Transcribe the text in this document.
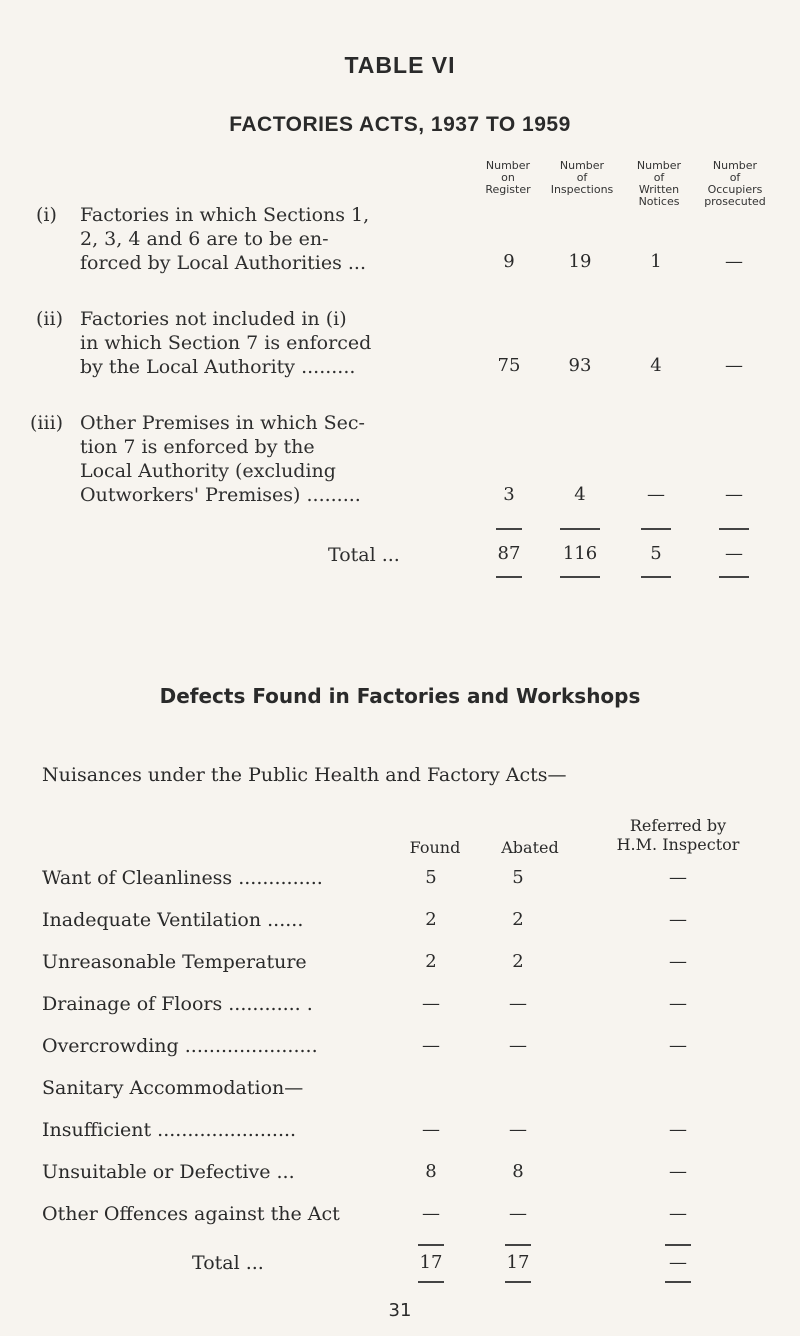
TABLE VI
FACTORIES ACTS, 1937 TO 1959
Number
on
Register
Number
of
Inspections
Number
of
Written
Notices
Number
of
Occupiers
prosecuted
(i) Factories in which Sections 1,
2, 3, 4 and 6 are to be en-
forced by Local Authorities ...	9	19	1	—
(ii) Factories not included in (i)
in which Section 7 is enforced
by the Local Authority .........	75	93	4	—
(iii) Other Premises in which Sec-
tion 7 is enforced by the
Local Authority (excluding
Outworkers' Premises) .........	3	4	—	—
Total ...	87	116	5	—
Defects Found in Factories and Workshops
Nuisances under the Public Health and Factory Acts—
Found	Abated
Referred by
H.M. Inspector
Want of Cleanliness ..............	5	5	—
Inadequate Ventilation ......	2	2	—
Unreasonable Temperature	2	2	—
Drainage of Floors ............ .	—	—	—
Overcrowding ......................	—	—	—
Sanitary Accommodation—
Insufficient .......................	—	—	—
Unsuitable or Defective ...	8	8	—
Other Offences against the Act	—	—	—
Total ...	17	17	—
31
